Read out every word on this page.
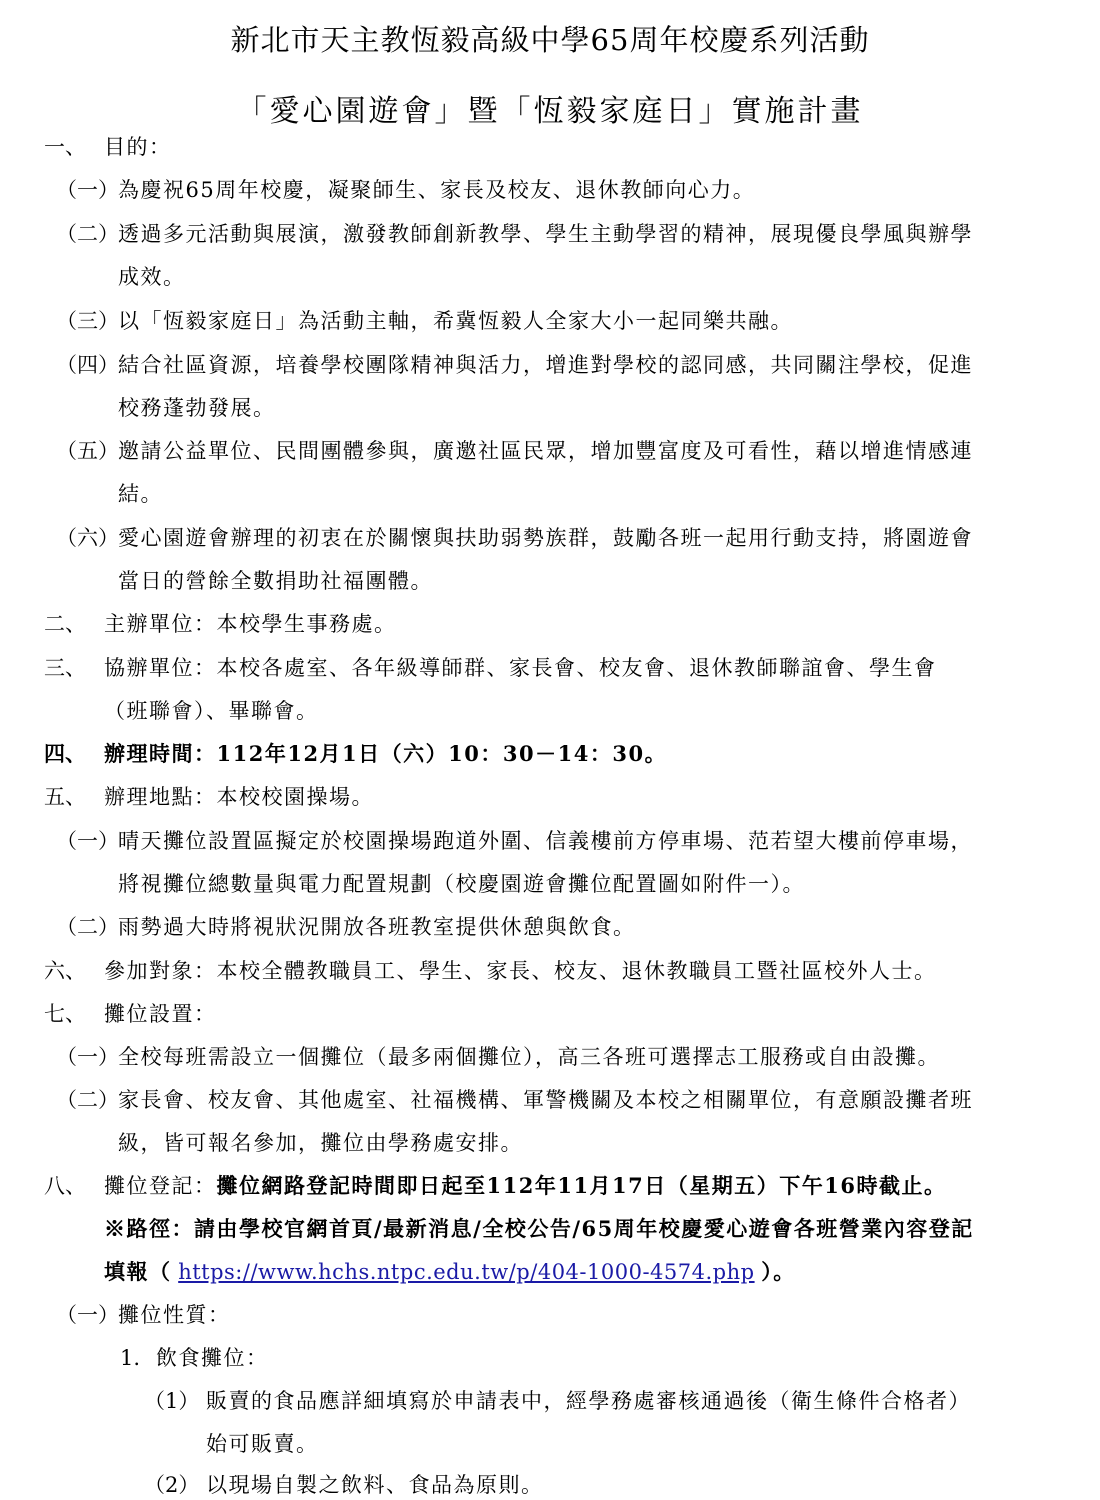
新北市天主教恆毅高級中學65周年校慶系列活動
「愛心園遊會」暨「恆毅家庭日」實施計畫
一、 目的：
（一） 為慶祝65周年校慶，凝聚師生、家長及校友、退休教師向心力。
（二） 透過多元活動與展演，激發教師創新教學、學生主動學習的精神，展現優良學風與辦學
成效。
（三） 以「恆毅家庭日」為活動主軸，希冀恆毅人全家大小一起同樂共融。
（四） 結合社區資源，培養學校團隊精神與活力，增進對學校的認同感，共同關注學校，促進
校務蓬勃發展。
（五） 邀請公益單位、民間團體參與，廣邀社區民眾，增加豐富度及可看性，藉以增進情感連
結。
（六） 愛心園遊會辦理的初衷在於關懷與扶助弱勢族群，鼓勵各班一起用行動支持，將園遊會
當日的營餘全數捐助社福團體。
二、 主辦單位：本校學生事務處。
三、 協辦單位：本校各處室、各年級導師群、家長會、校友會、退休教師聯誼會、學生會
（班聯會）、畢聯會。
四、 辦理時間：112年12月1日（六）10：30－14：30。
五、 辦理地點：本校校園操場。
（一） 晴天攤位設置區擬定於校園操場跑道外圍、信義樓前方停車場、范若望大樓前停車場，
將視攤位總數量與電力配置規劃（校慶園遊會攤位配置圖如附件一）。
（二） 雨勢過大時將視狀況開放各班教室提供休憩與飲食。
六、 參加對象：本校全體教職員工、學生、家長、校友、退休教職員工暨社區校外人士。
七、 攤位設置：
（一） 全校每班需設立一個攤位（最多兩個攤位），高三各班可選擇志工服務或自由設攤。
（二） 家長會、校友會、其他處室、社福機構、軍警機關及本校之相關單位，有意願設攤者班
級，皆可報名參加，攤位由學務處安排。
八、 攤位登記：攤位網路登記時間即日起至112年11月17日（星期五）下午16時截止。
※路徑：請由學校官網首頁/最新消息/全校公告/65周年校慶愛心遊會各班營業內容登記
填報（ https://www.hchs.ntpc.edu.tw/p/404-1000-4574.php ）。
（一） 攤位性質：
1. 飲食攤位：
（1） 販賣的食品應詳細填寫於申請表中，經學務處審核通過後（衛生條件合格者）
始可販賣。
（2） 以現場自製之飲料、食品為原則。
